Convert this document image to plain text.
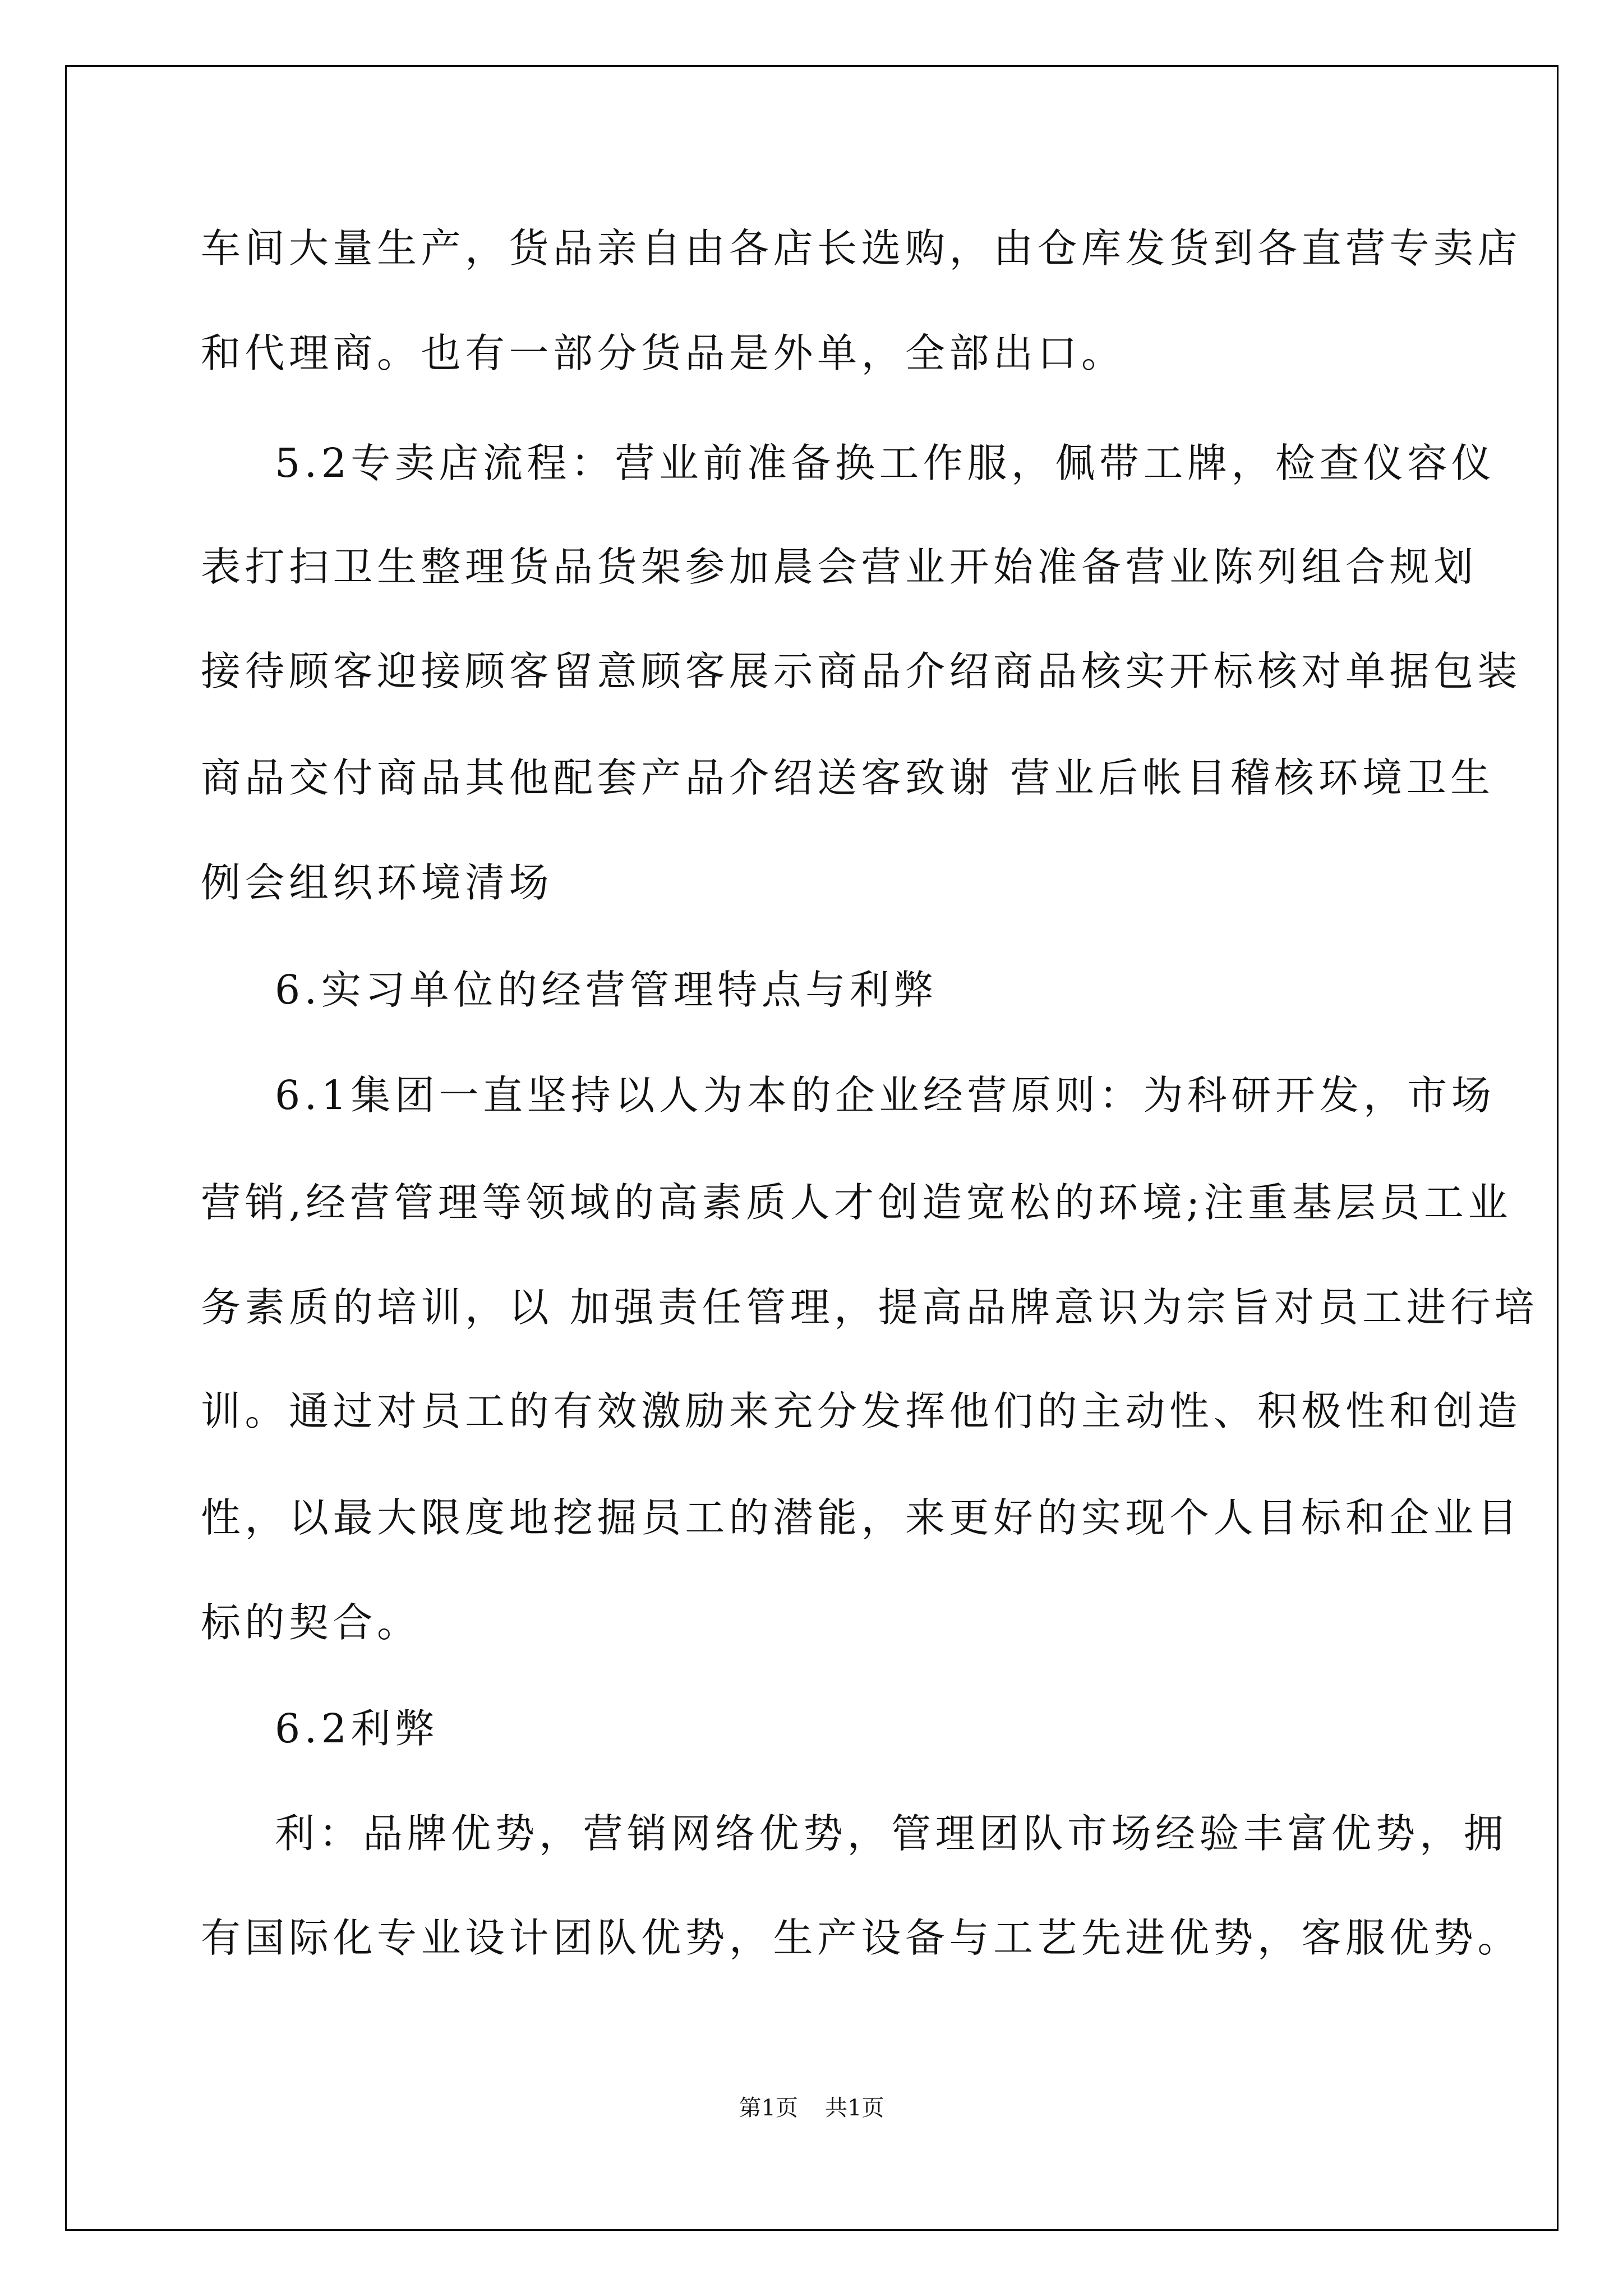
车间大量生产，货品亲自由各店长选购，由仓库发货到各直营专卖店

和代理商。也有一部分货品是外单，全部出口。

5.2专卖店流程：营业前准备换工作服，佩带工牌，检查仪容仪

表打扫卫生整理货品货架参加晨会营业开始准备营业陈列组合规划

接待顾客迎接顾客留意顾客展示商品介绍商品核实开标核对单据包装

商品交付商品其他配套产品介绍送客致谢 营业后帐目稽核环境卫生

例会组织环境清场

6.实习单位的经营管理特点与利弊

6.1集团一直坚持以人为本的企业经营原则：为科研开发，市场

营销,经营管理等领域的高素质人才创造宽松的环境;注重基层员工业

务素质的培训，以 加强责任管理，提高品牌意识为宗旨对员工进行培

训。通过对员工的有效激励来充分发挥他们的主动性、积极性和创造

性，以最大限度地挖掘员工的潜能，来更好的实现个人目标和企业目

标的契合。

6.2利弊

利：品牌优势，营销网络优势，管理团队市场经验丰富优势，拥

有国际化专业设计团队优势，生产设备与工艺先进优势，客服优势。

第1页 共1页
